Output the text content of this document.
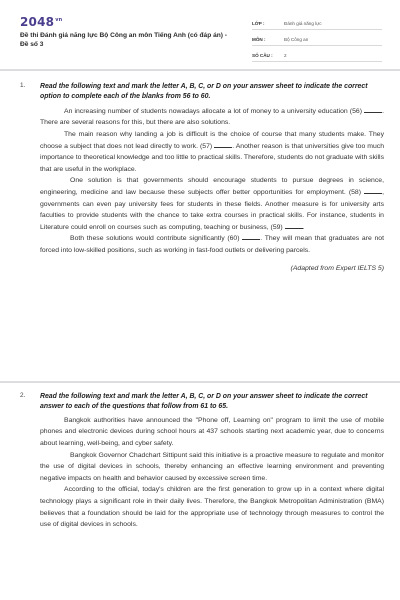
$2048^{vn}$
Đề thi Đánh giá năng lực Bộ Công an môn Tiếng Anh (có đáp án) - Đề số 3
LỚP :	Đánh giá năng lực
MÔN :	Bộ Công an
SỐ CÂU :	2
1. Read the following text and mark the letter A, B, C, or D on your answer sheet to indicate the correct option to complete each of the blanks from 56 to 60.
An increasing number of students nowadays allocate a lot of money to a university education (56)	. There are several reasons for this, but there are also solutions.
The main reason why landing a job is difficult is the choice of course that many students make. They choose a subject that does not lead directly to work. (57)	. Another reason is that universities give too much importance to theoretical knowledge and too little to practical skills. Therefore, students do not graduate with skills that are useful in the workplace.
One solution is that governments should encourage students to pursue degrees in science, engineering, medicine and law because these subjects offer better opportunities for employment. (58)	, governments can even pay university fees for students in these fields. Another measure is for university arts faculties to provide students with the chance to take extra courses in practical skills. For instance, students in Literature could enroll on courses such as computing, teaching or business, (59)	.
Both these solutions would contribute significantly (60)	. They will mean that graduates are not forced into low-skilled positions, such as working in fast-food outlets or delivering parcels.
(Adapted from Expert IELTS 5)
2. Read the following text and mark the letter A, B, C, or D on your answer sheet to indicate the correct answer to each of the questions that follow from 61 to 65.
Bangkok authorities have announced the "Phone off, Learning on" program to limit the use of mobile phones and electronic devices during school hours at 437 schools starting next academic year, due to concerns about learning, well-being, and cyber safety.
Bangkok Governor Chadchart Sittipunt said this initiative is a proactive measure to regulate and monitor the use of digital devices in schools, thereby enhancing an effective learning environment and preventing negative impacts on health and behavior caused by excessive screen time.
According to the official, today's children are the first generation to grow up in a context where digital technology plays a significant role in their daily lives. Therefore, the Bangkok Metropolitan Administration (BMA) believes that a foundation should be laid for the appropriate use of technology through measures to control the use of digital devices in schools.
